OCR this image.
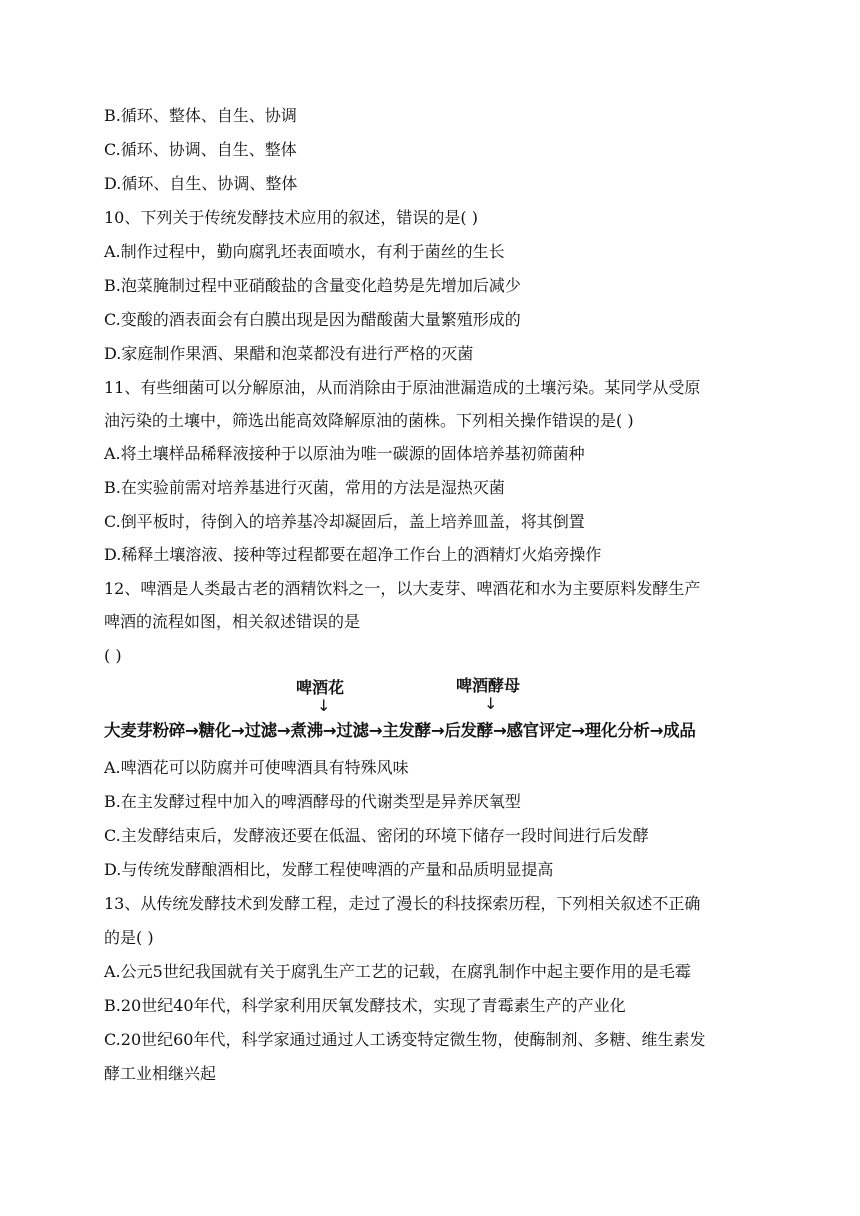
B.循环、整体、自生、协调
C.循环、协调、自生、整体
D.循环、自生、协调、整体
10、下列关于传统发酵技术应用的叙述，错误的是( )
A.制作过程中，勤向腐乳坯表面喷水，有利于菌丝的生长
B.泡菜腌制过程中亚硝酸盐的含量变化趋势是先增加后减少
C.变酸的酒表面会有白膜出现是因为醋酸菌大量繁殖形成的
D.家庭制作果酒、果醋和泡菜都没有进行严格的灭菌
11、有些细菌可以分解原油，从而消除由于原油泄漏造成的土壤污染。某同学从受原
油污染的土壤中，筛选出能高效降解原油的菌株。下列相关操作错误的是( )
A.将土壤样品稀释液接种于以原油为唯一碳源的固体培养基初筛菌种
B.在实验前需对培养基进行灭菌，常用的方法是湿热灭菌
C.倒平板时，待倒入的培养基冷却凝固后，盖上培养皿盖，将其倒置
D.稀释土壤溶液、接种等过程都要在超净工作台上的酒精灯火焰旁操作
12、啤酒是人类最古老的酒精饮料之一，以大麦芽、啤酒花和水为主要原料发酵生产
啤酒的流程如图，相关叙述错误的是
( )
啤酒花
↓
啤酒酵母
↓
大麦芽粉碎→糖化→过滤→煮沸→过滤→主发酵→后发酵→感官评定→理化分析→成品
A.啤酒花可以防腐并可使啤酒具有特殊风味
B.在主发酵过程中加入的啤酒酵母的代谢类型是异养厌氧型
C.主发酵结束后，发酵液还要在低温、密闭的环境下储存一段时间进行后发酵
D.与传统发酵酿酒相比，发酵工程使啤酒的产量和品质明显提高
13、从传统发酵技术到发酵工程，走过了漫长的科技探索历程，下列相关叙述不正确
的是( )
A.公元5世纪我国就有关于腐乳生产工艺的记载，在腐乳制作中起主要作用的是毛霉
B.20世纪40年代，科学家利用厌氧发酵技术，实现了青霉素生产的产业化
C.20世纪60年代，科学家通过通过人工诱变特定微生物，使酶制剂、多糖、维生素发
酵工业相继兴起
